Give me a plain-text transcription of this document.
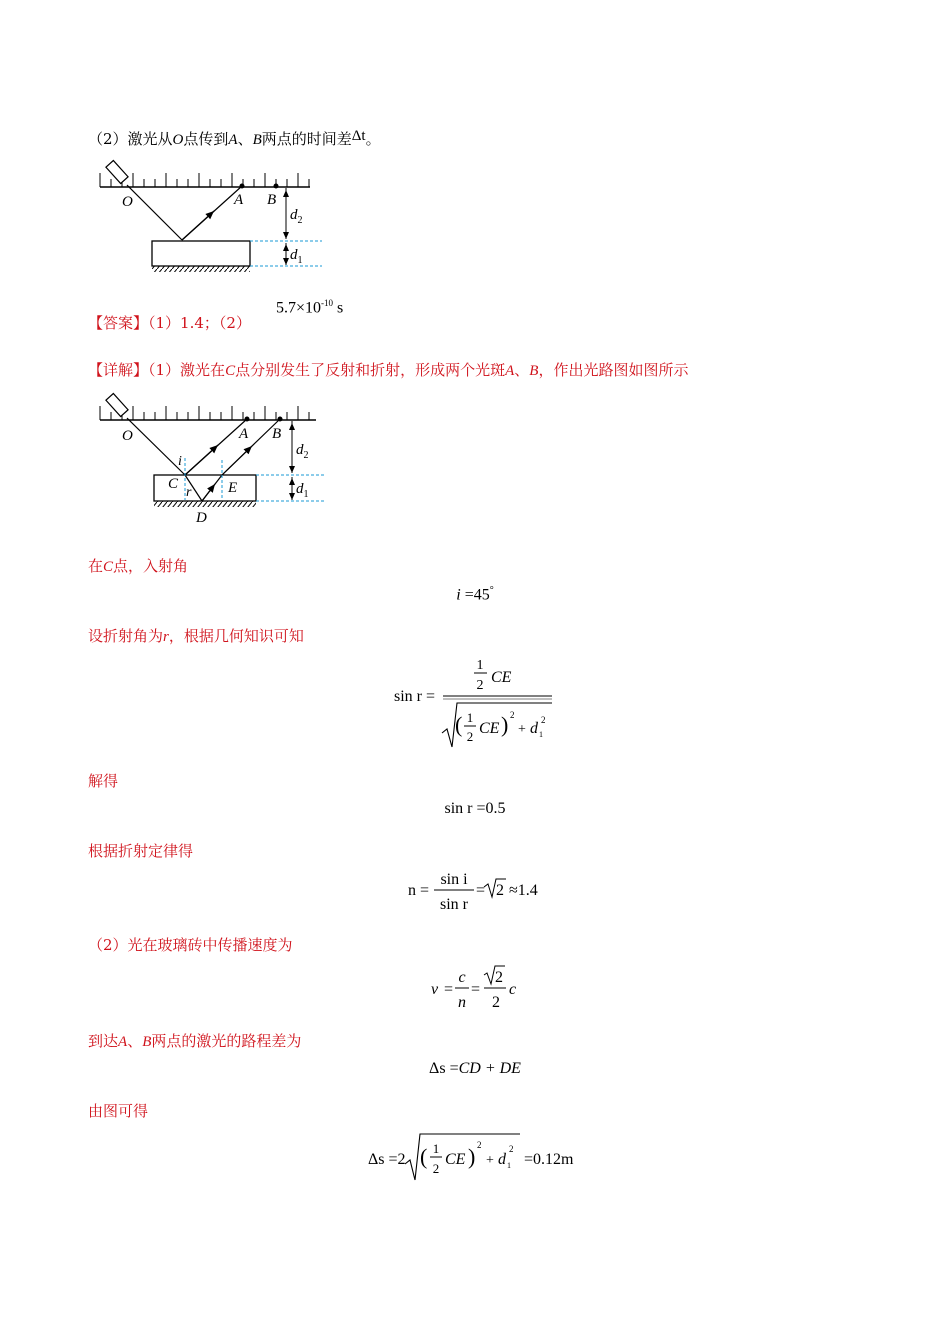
（2）激光从O点传到A、B两点的时间差Δt。
O	A B
$d_2$
$d_1$
【答案】（1）1.4；（2）
$5.7\times 10^{-10}$ s
【详解】（1）激光在C点分别发生了反射和折射，形成两个光斑A、B，作出光路图如图所示
O	A B
i
C
r E
D
$d_2$
$d_1$
在C点，入射角
i =45°
设折射角为r，根据几何知识可知
sin r =
1
2 CE
( 1
2 CE ) 2
+ d 1
2
解得
sin r =0.5
根据折射定律得
n =
sin i
sin r
= 2 ≈1.4
（2）光在玻璃砖中传播速度为
v =
c
n
=
2
2
c
到达A、B两点的激光的路程差为
Δs =CD + DE
由图可得
Δs =2 ( 1
2
CE ) 2
+ d 1
2
=0.12m
